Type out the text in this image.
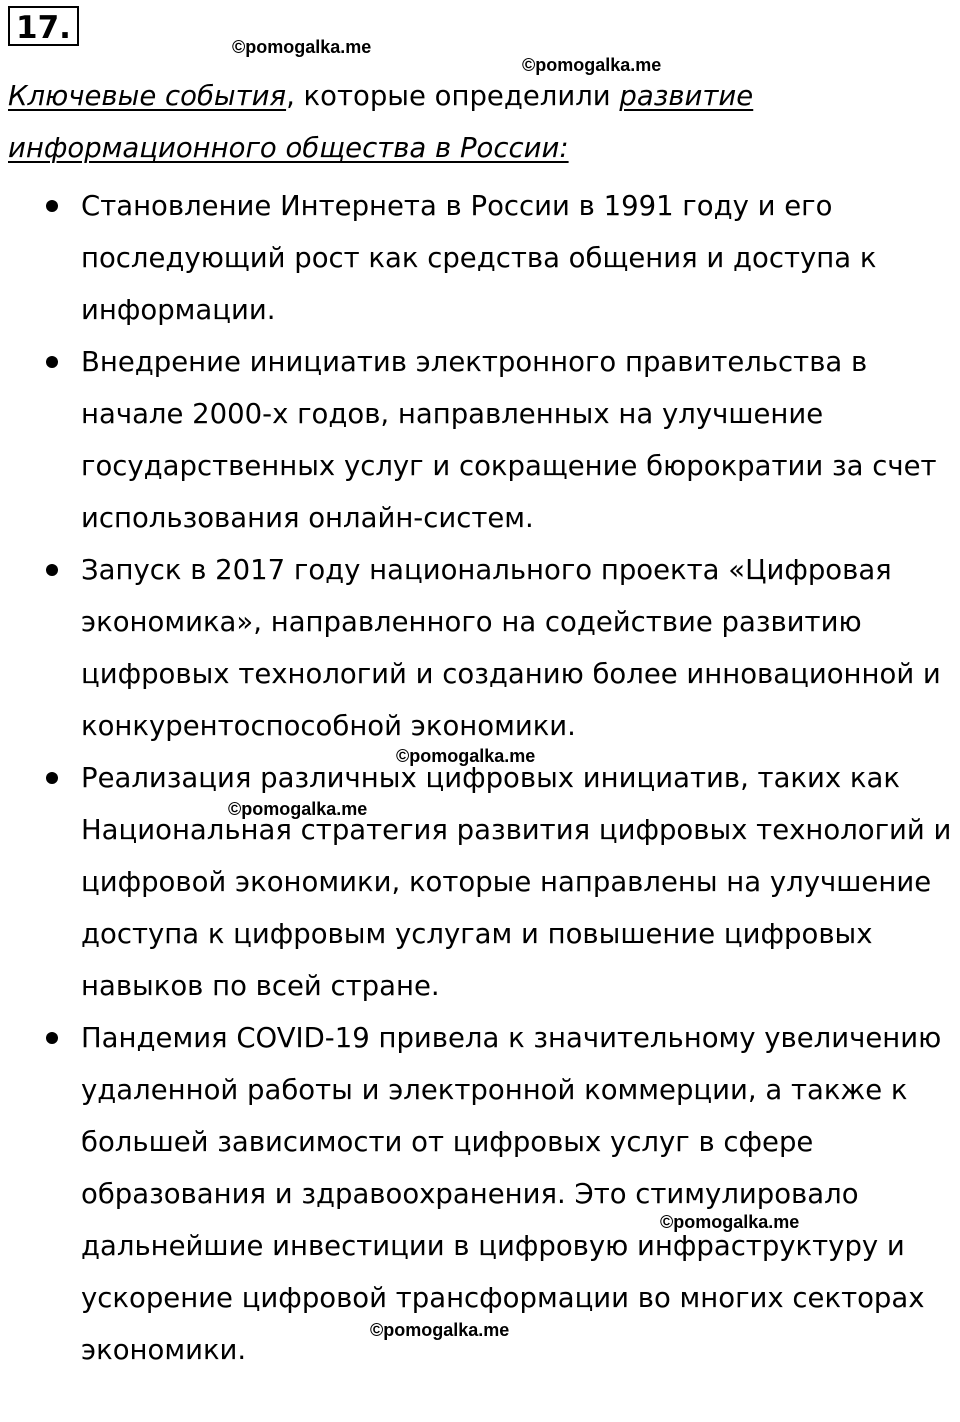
17.
©pomogalka.me
©pomogalka.me
©pomogalka.me
©pomogalka.me
©pomogalka.me
©pomogalka.me

Ключевые события, которые определили развитие информационного общества в России:

Становление Интернета в России в 1991 году и его последующий рост как средства общения и доступа к информации.
Внедрение инициатив электронного правительства в начале 2000-х годов, направленных на улучшение государственных услуг и сокращение бюрократии за счет использования онлайн-систем.
Запуск в 2017 году национального проекта «Цифровая экономика», направленного на содействие развитию цифровых технологий и созданию более инновационной и конкурентоспособной экономики.
Реализация различных цифровых инициатив, таких как Национальная стратегия развития цифровых технологий и цифровой экономики, которые направлены на улучшение доступа к цифровым услугам и повышение цифровых навыков по всей стране.
Пандемия COVID-19 привела к значительному увеличению удаленной работы и электронной коммерции, а также к большей зависимости от цифровых услуг в сфере образования и здравоохранения. Это стимулировало дальнейшие инвестиции в цифровую инфраструктуру и ускорение цифровой трансформации во многих секторах экономики.
